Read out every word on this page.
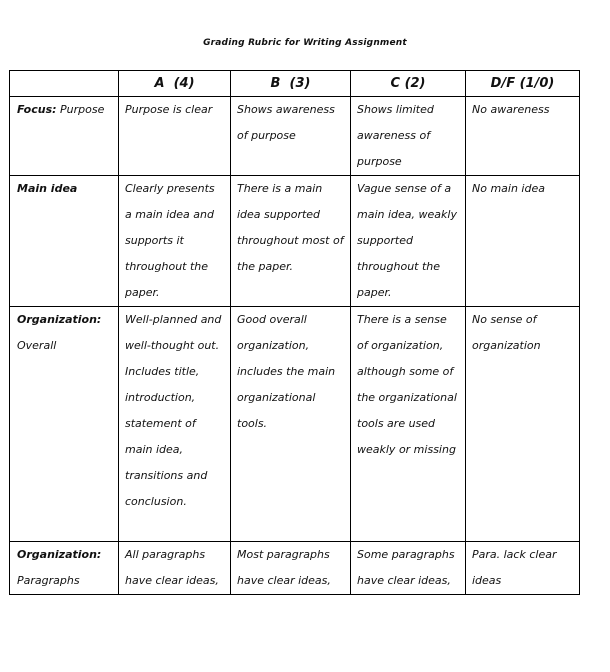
Grading Rubric for Writing Assignment
	A  (4)	B  (3)	C (2)	D/F (1/0)
Focus: Purpose	Purpose is clear	Shows awareness of purpose	Shows limited awareness of purpose	No awareness
Main idea	Clearly presents a main idea and supports it throughout the paper.	There is a main idea supported throughout most of the paper.	Vague sense of a main idea, weakly supported throughout the paper.	No main idea
Organization:
Overall	Well-planned and well-thought out. Includes title, introduction, statement of main idea, transitions and conclusion.	Good overall organization, includes the main organizational tools.	There is a sense of organization, although some of the organizational tools are used weakly or missing	No sense of organization
Organization:
Paragraphs	All paragraphs have clear ideas,	Most paragraphs have clear ideas,	Some paragraphs have clear ideas,	Para. lack clear ideas
